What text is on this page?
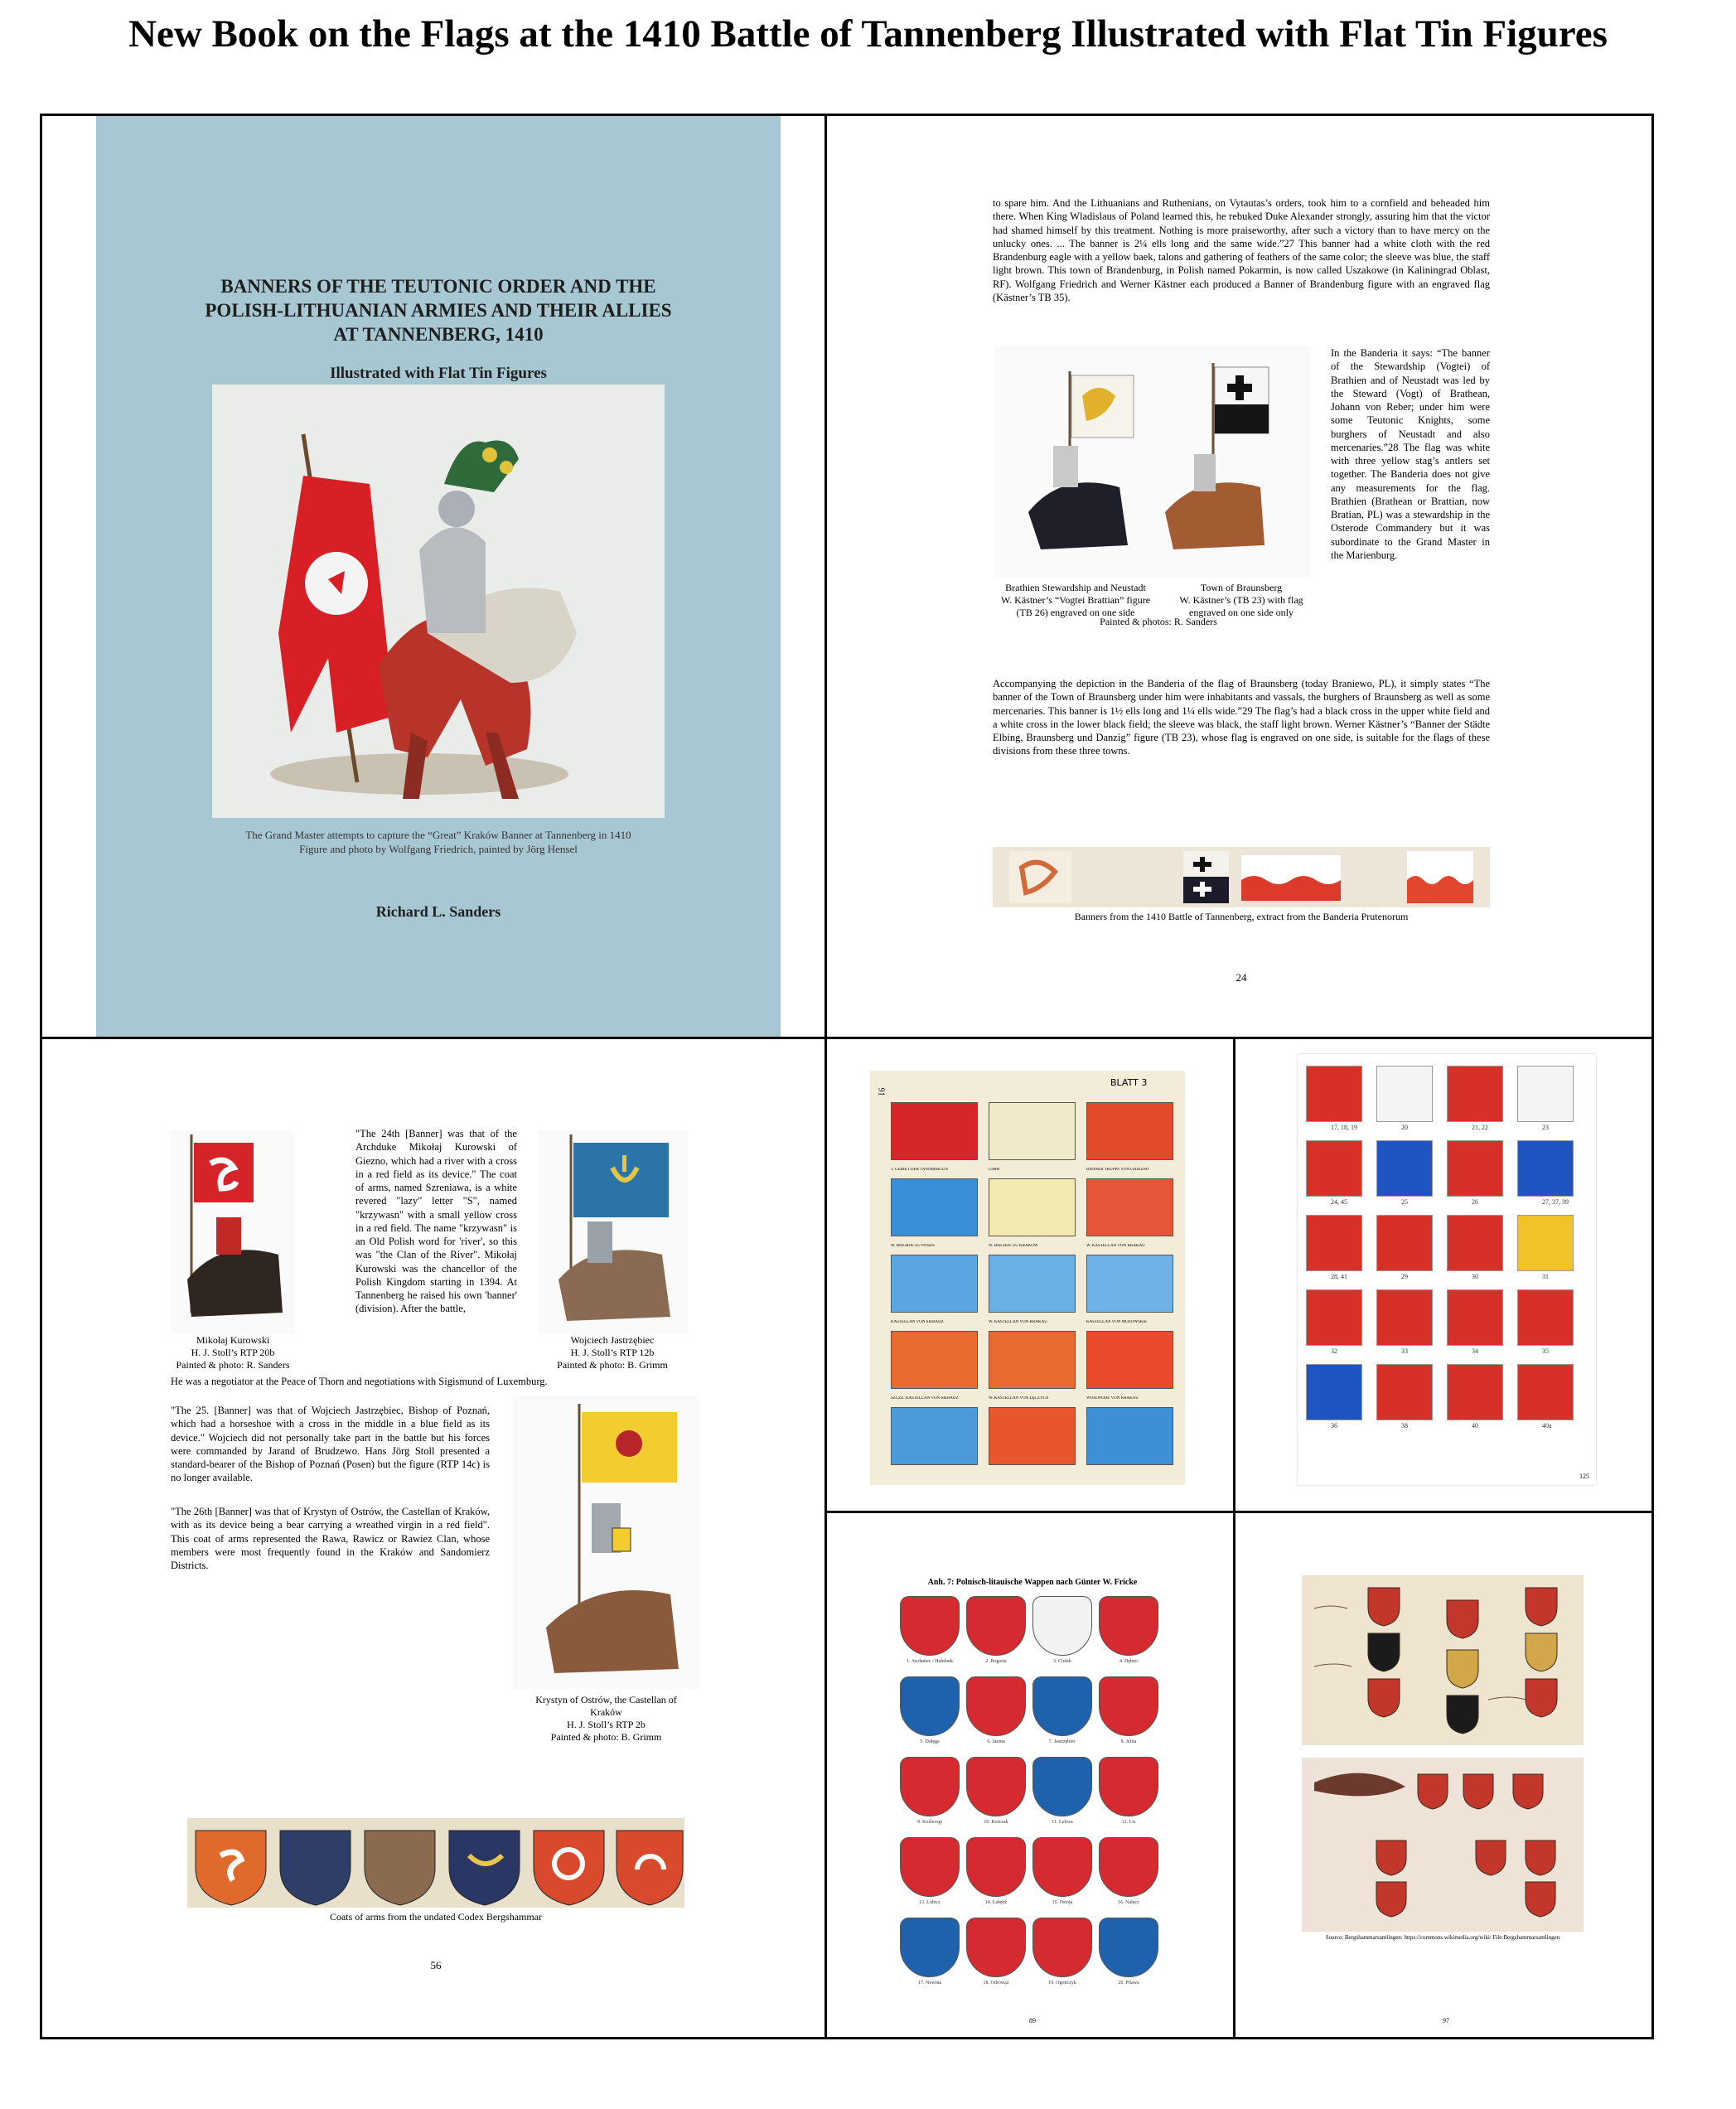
New Book on the Flags at the 1410 Battle of Tannenberg Illustrated with Flat Tin Figures
BANNERS OF THE TEUTONIC ORDER AND THE
POLISH-LITHUANIAN ARMIES AND THEIR ALLIES
AT TANNENBERG, 1410
Illustrated with Flat Tin Figures
The Grand Master attempts to capture the “Great” Kraków Banner at Tannenberg in 1410
Figure and photo by Wolfgang Friedrich, painted by Jörg Hensel
Richard L. Sanders
to spare him. And the Lithuanians and Ruthenians, on Vytautas’s orders, took him to a cornfield and beheaded him there. When King Wladislaus of Poland learned this, he rebuked Duke Alexander strongly, assuring him that the victor had shamed himself by this treatment. Nothing is more praiseworthy, after such a victory than to have mercy on the unlucky ones. ... The banner is 2¼ ells long and the same wide.”27 This banner had a white cloth with the red Brandenburg eagle with a yellow baek, talons and gathering of feathers of the same color; the sleeve was blue, the staff light brown. This town of Brandenburg, in Polish named Pokarmin, is now called Uszakowe (in Kaliningrad Oblast, RF). Wolfgang Friedrich and Werner Kästner each produced a Banner of Brandenburg figure with an engraved flag (Kästner’s TB 35).
Brathien Stewardship and Neustadt
W. Kästner’s “Vogtei Brattian” figure
(TB 26) engraved on one side
Town of Braunsberg
W. Kästner’s (TB 23) with flag
engraved on one side only
Painted & photos: R. Sanders
In the Banderia it says: “The banner of the Stewardship (Vogtei) of Brathien and of Neustadt was led by the Steward (Vogt) of Brathean, Johann von Reber; under him were some Teutonic Knights, some burghers of Neustadt and also mercenaries.”28 The flag was white with three yellow stag’s antlers set together. The Banderia does not give any measurements for the flag. Brathien (Brathean or Brattian, now Bratian, PL) was a stewardship in the Osterode Commandery but it was subordinate to the Grand Master in the Marienburg.
Accompanying the depiction in the Banderia of the flag of Braunsberg (today Braniewo, PL), it simply states “The banner of the Town of Braunsberg under him were inhabitants and vassals, the burghers of Braunsberg as well as some mercenaries. This banner is 1½ ells long and 1¼ ells wide.”29 The flag’s had a black cross in the upper white field and a white cross in the lower black field; the sleeve was black, the staff light brown. Werner Kästner’s “Banner der Städte Elbing, Braunsberg und Danzig” figure (TB 23), whose flag is engraved on one side, is suitable for the flags of these divisions from these three towns.
Banners from the 1410 Battle of Tannenberg, extract from the Banderia Prutenorum
24
Mikołaj Kurowski
H. J. Stoll’s RTP 20b
Painted & photo: R. Sanders
"The 24th [Banner] was that of the Archduke Mikołaj Kurowski of Giezno, which had a river with a cross in a red field as its device." The coat of arms, named Szreniawa, is a white revered "lazy" letter "S", named "krzywasn" with a small yellow cross in a red field. The name "krzywasn" is an Old Polish word for 'river', so this was "the Clan of the River". Mikołaj Kurowski was the chancellor of the Polish Kingdom starting in 1394. At Tannenberg he raised his own 'banner' (division). After the battle,
Wojciech Jastrzębiec
H. J. Stoll’s RTP 12b
Painted & photo: B. Grimm
He was a negotiator at the Peace of Thorn and negotiations with Sigismund of Luxemburg.
"The 25. [Banner] was that of Wojciech Jastrzębiec, Bishop of Poznań, which had a horseshoe with a cross in the middle in a blue field as its device." Wojciech did not personally take part in the battle but his forces were commanded by Jarand of Brudzewo. Hans Jörg Stoll presented a standard-bearer of the Bishop of Poznań (Posen) but the figure (RTP 14c) is no longer available.
"The 26th [Banner] was that of Krystyn of Ostrów, the Castellan of Kraków, with as its device being a bear carrying a wreathed virgin in a red field". This coat of arms represented the Rawa, Rawicz or Rawiez Clan, whose members were most frequently found in the Kraków and Sandomierz Districts.
Krystyn of Ostrów, the Castellan of
Kraków
H. J. Stoll’s RTP 2b
Painted & photo: B. Grimm
Coats of arms from the undated Codex Bergshammar
56
91
BLATT 3
3. GEBIET DER TANNBERGUN	Chełm	BANNER TRUPPS VON GNIEZNO
W. BISCHOF ZU POSEN	W. BISCHOF ZU KRAKÓW	W. KASTELLAN VON KRAKAU
KASTELLAN VON SIERADZ	W. KASTELLAN VON KRAKAU	KASTELLAN VON MOZOWSKIE
SZCZE. KASTELLAN VON SIERADZ	W. KASTELLAN VON ŁĘCZYCA	WOJEWODE VON KRAKAU
17, 18, 19	20	21, 22	23
24, 45	25	26	27, 37, 39
28, 41	29	30	31
32	33	34	35
36	38	40	40a
125
Anh. 7: Polnisch-litauische Wappen nach Günter W. Fricke
1. Awdaniec / Habdank	2. Bogoria	3. Ciołek	4. Dębno
5. Dołęga	6. Janina	7. Jastrzębiec	8. Jelita
9. Koźlerogi	10. Korczak	11. Leliwa	12. Lis
13. Lubicz	14. Łabędź	15. Ostoja	16. Nałęcz
17. Nowina	18. Odrowąż	19. Ogończyk	20. Pilawa
89
Source: Bergshammarsamlingen: https://commons.wikimedia.org/wiki/ File:Bergshammarsamlingen
97
